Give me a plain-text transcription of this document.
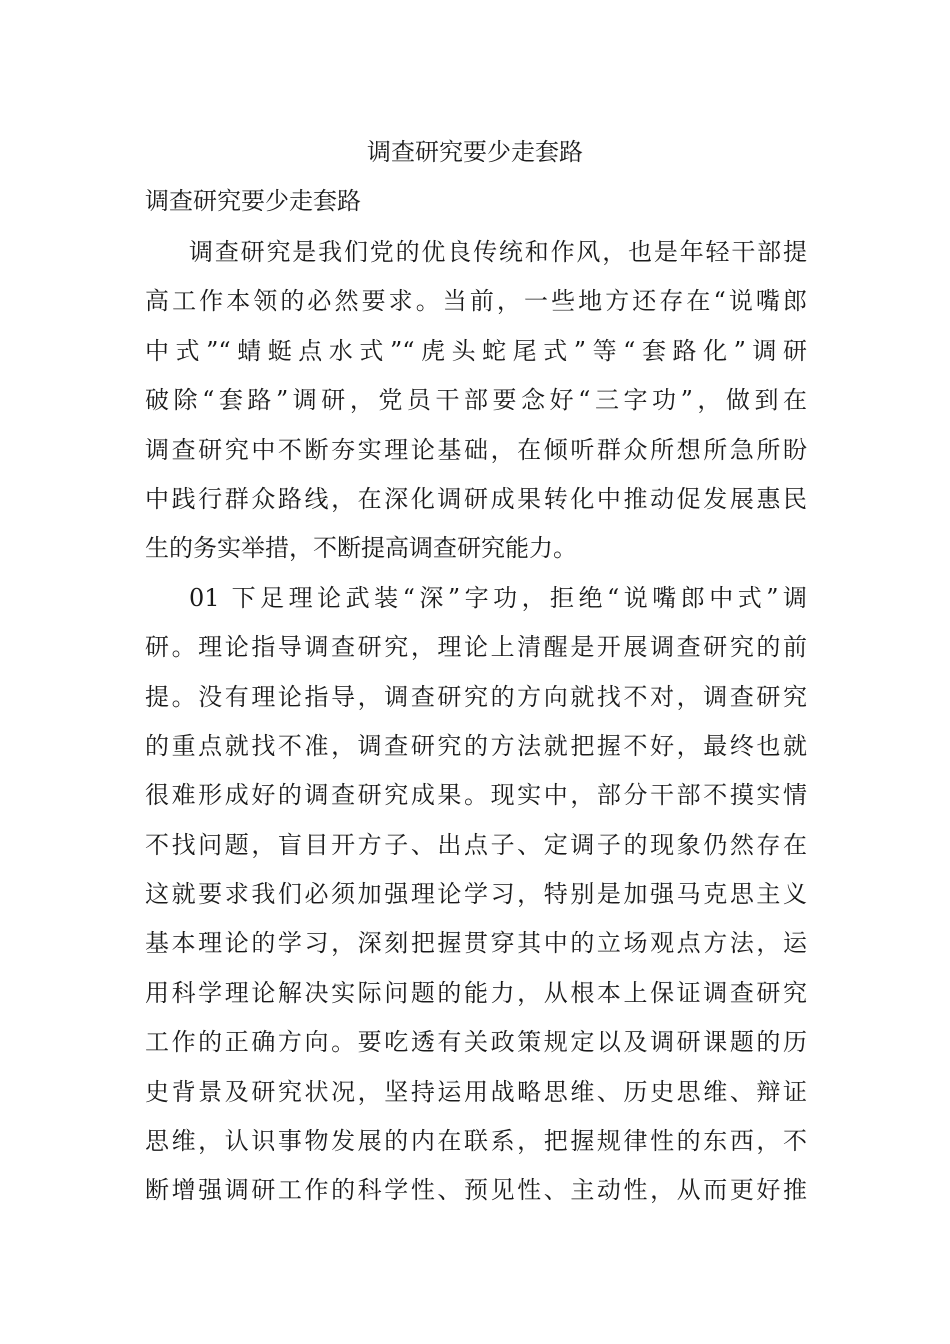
调查研究要少走套路
调查研究要少走套路
调查研究是我们党的优良传统和作风，也是年轻干部提
高工作本领的必然要求。当前，一些地方还存在“说嘴郎
中式”“蜻蜓点水式”“虎头蛇尾式”等“套路化”调研
破除“套路”调研，党员干部要念好“三字功”，做到在
调查研究中不断夯实理论基础，在倾听群众所想所急所盼
中践行群众路线，在深化调研成果转化中推动促发展惠民
生的务实举措，不断提高调查研究能力。
01 下足理论武装“深”字功，拒绝“说嘴郎中式”调
研。理论指导调查研究，理论上清醒是开展调查研究的前
提。没有理论指导，调查研究的方向就找不对，调查研究
的重点就找不准，调查研究的方法就把握不好，最终也就
很难形成好的调查研究成果。现实中，部分干部不摸实情
不找问题，盲目开方子、出点子、定调子的现象仍然存在
这就要求我们必须加强理论学习，特别是加强马克思主义
基本理论的学习，深刻把握贯穿其中的立场观点方法，运
用科学理论解决实际问题的能力，从根本上保证调查研究
工作的正确方向。要吃透有关政策规定以及调研课题的历
史背景及研究状况，坚持运用战略思维、历史思维、辩证
思维，认识事物发展的内在联系，把握规律性的东西，不
断增强调研工作的科学性、预见性、主动性，从而更好推
